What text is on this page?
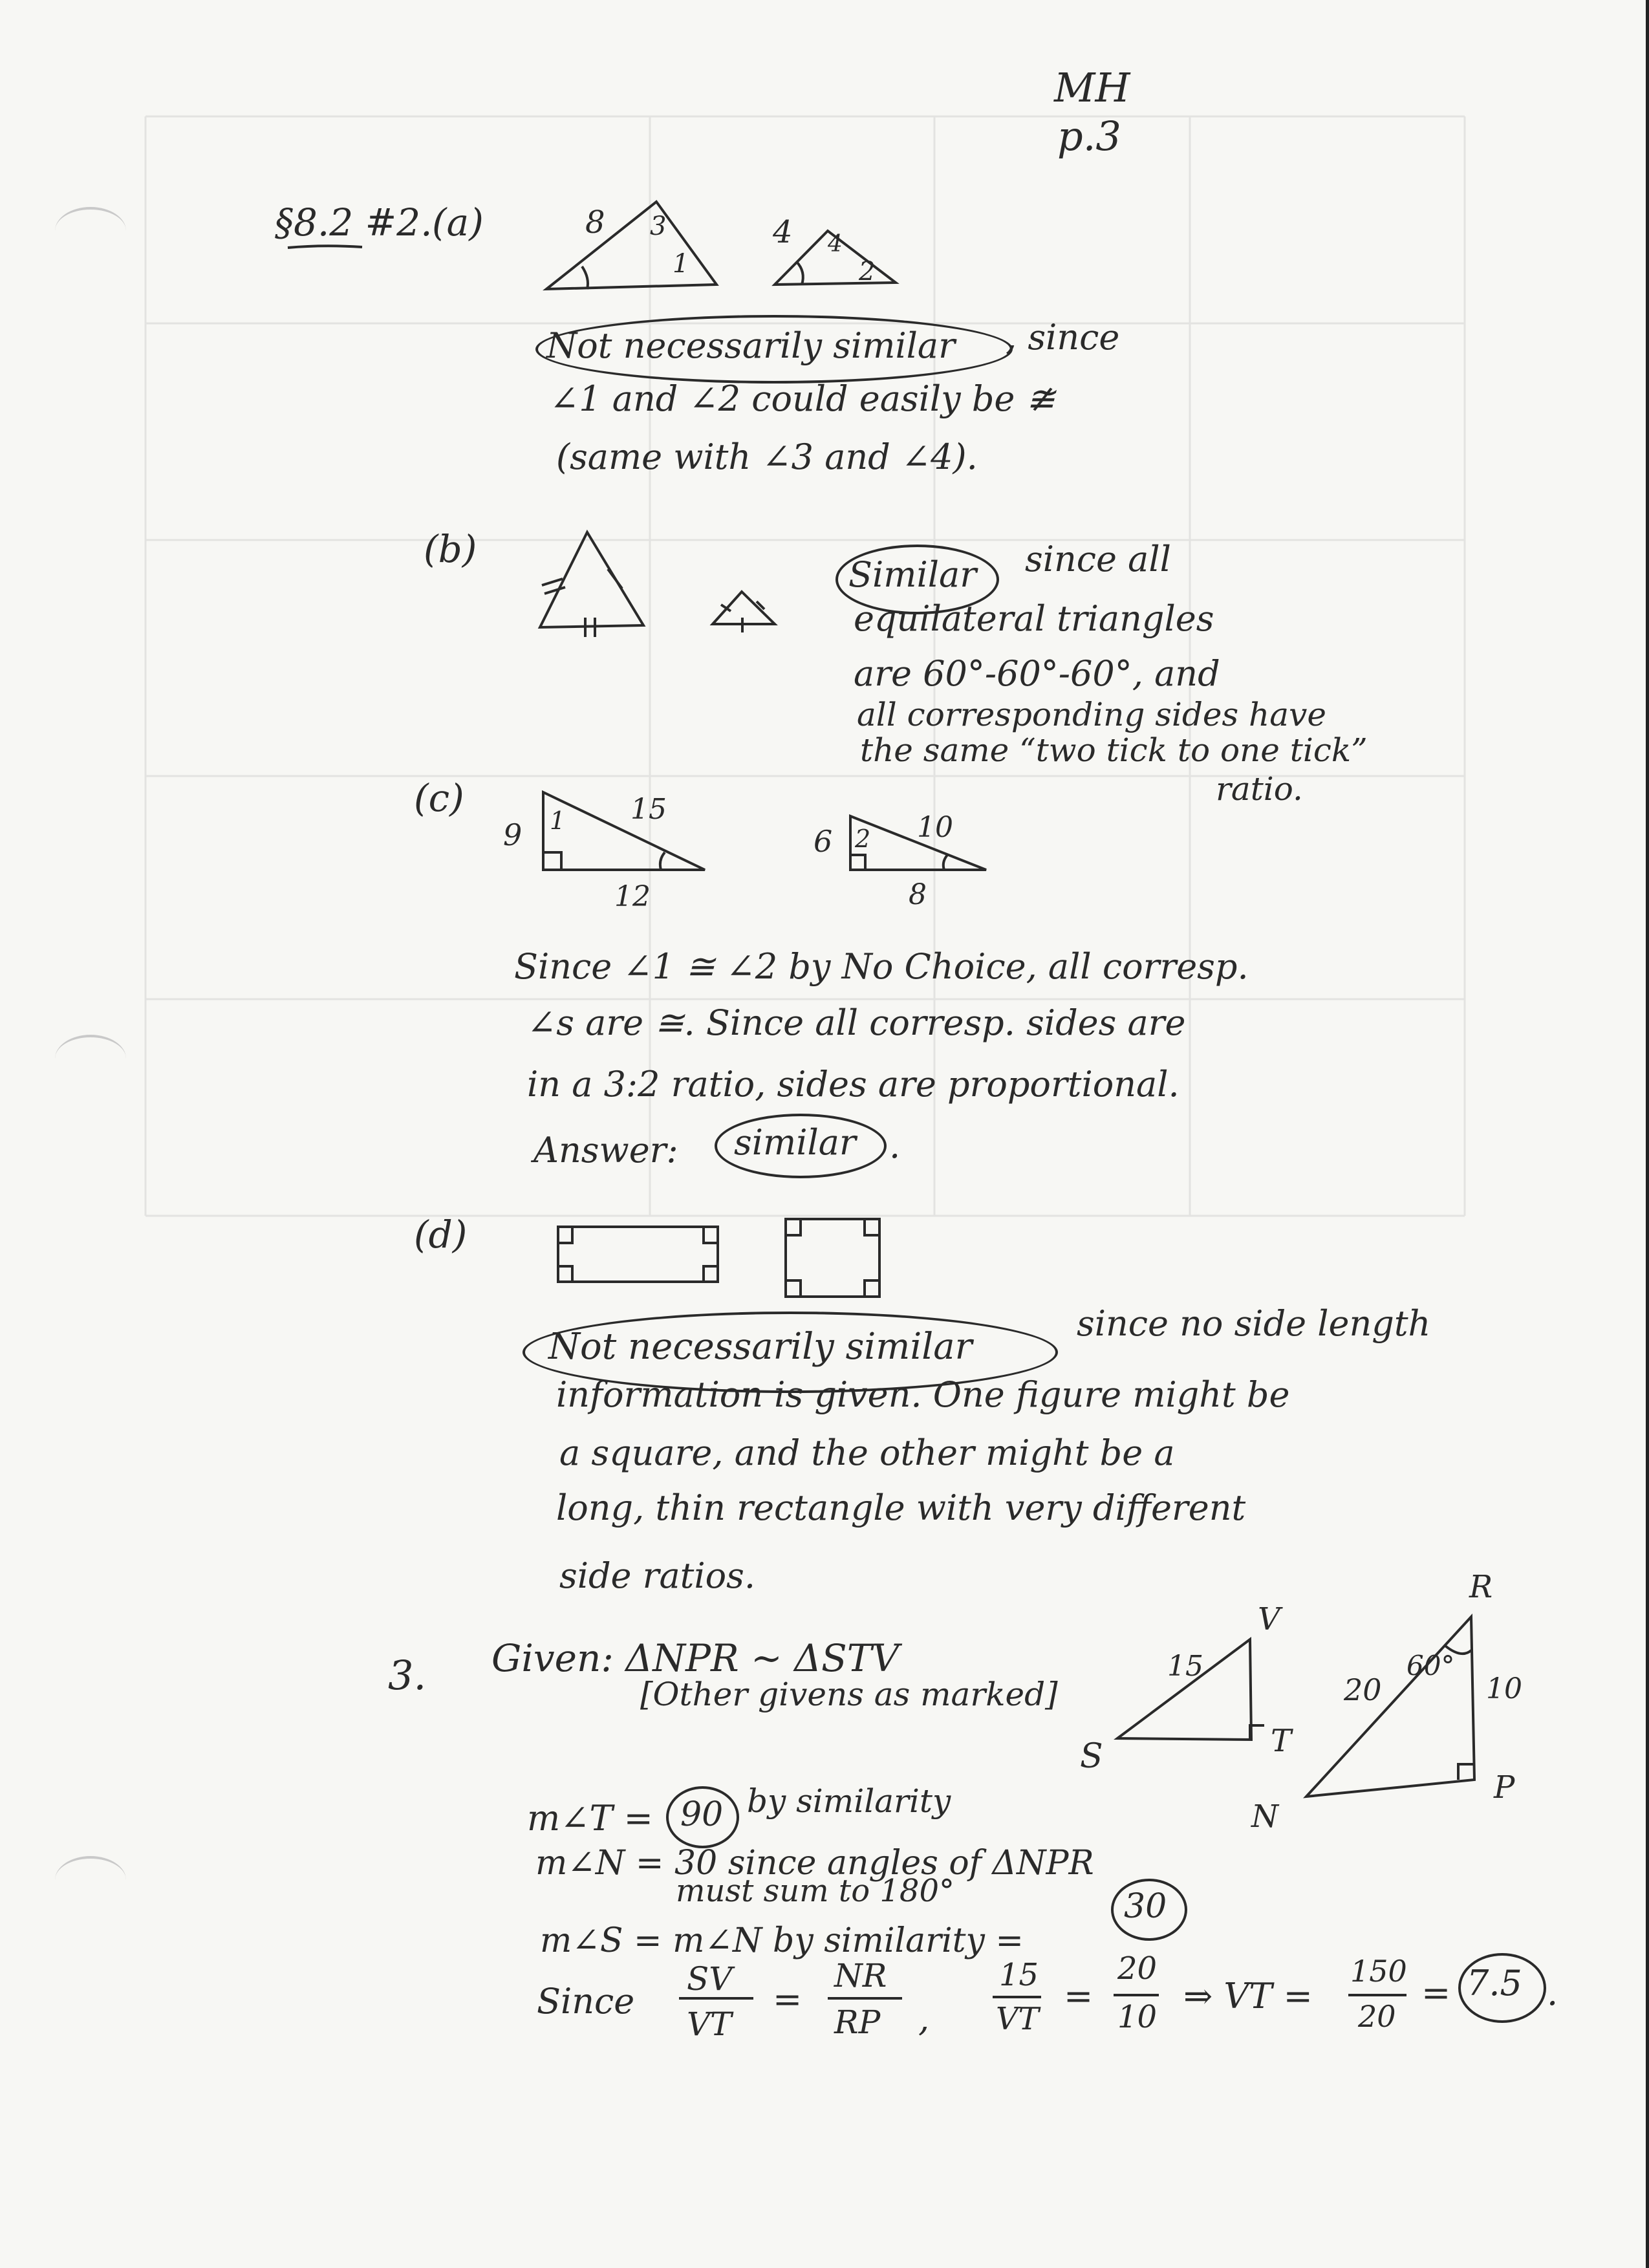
MH
p.3
§8.2 #2. (a)	8 3
1
4 4
2
Not necessarily similar , since
∠1 and ∠2 could easily be ≇
(same with ∠3 and ∠4).
(b)
Similar since all
equilateral triangles
are 60°-60°-60°, and
all corresponding sides have
the same “two tick to one tick”
ratio.
(c)
9 1 15
12
6 2 10
8
Since ∠1 ≅ ∠2 by No Choice, all corresp.
∠s are ≅. Since all corresp. sides are
in a 3:2 ratio, sides are proportional.
Answer: similar .
(d)
Not necessarily similar
since no side length
information is given. One figure might be
a square, and the other might be a
long, thin rectangle with very different
side ratios.
3. Given: ΔNPR ~ ΔSTV
[Other givens as marked]
V
15
S	T
R
20
60°
10
N
P
m∠T = 90 by similarity
m∠N = 30 since angles of ΔNPR
must sum to 180°
m∠S = m∠N by similarity =
30
Since
SV
VT
=
NR
RP ,
15
VT
=
20
10
⇒ VT =
150
20
= 7.5 .
